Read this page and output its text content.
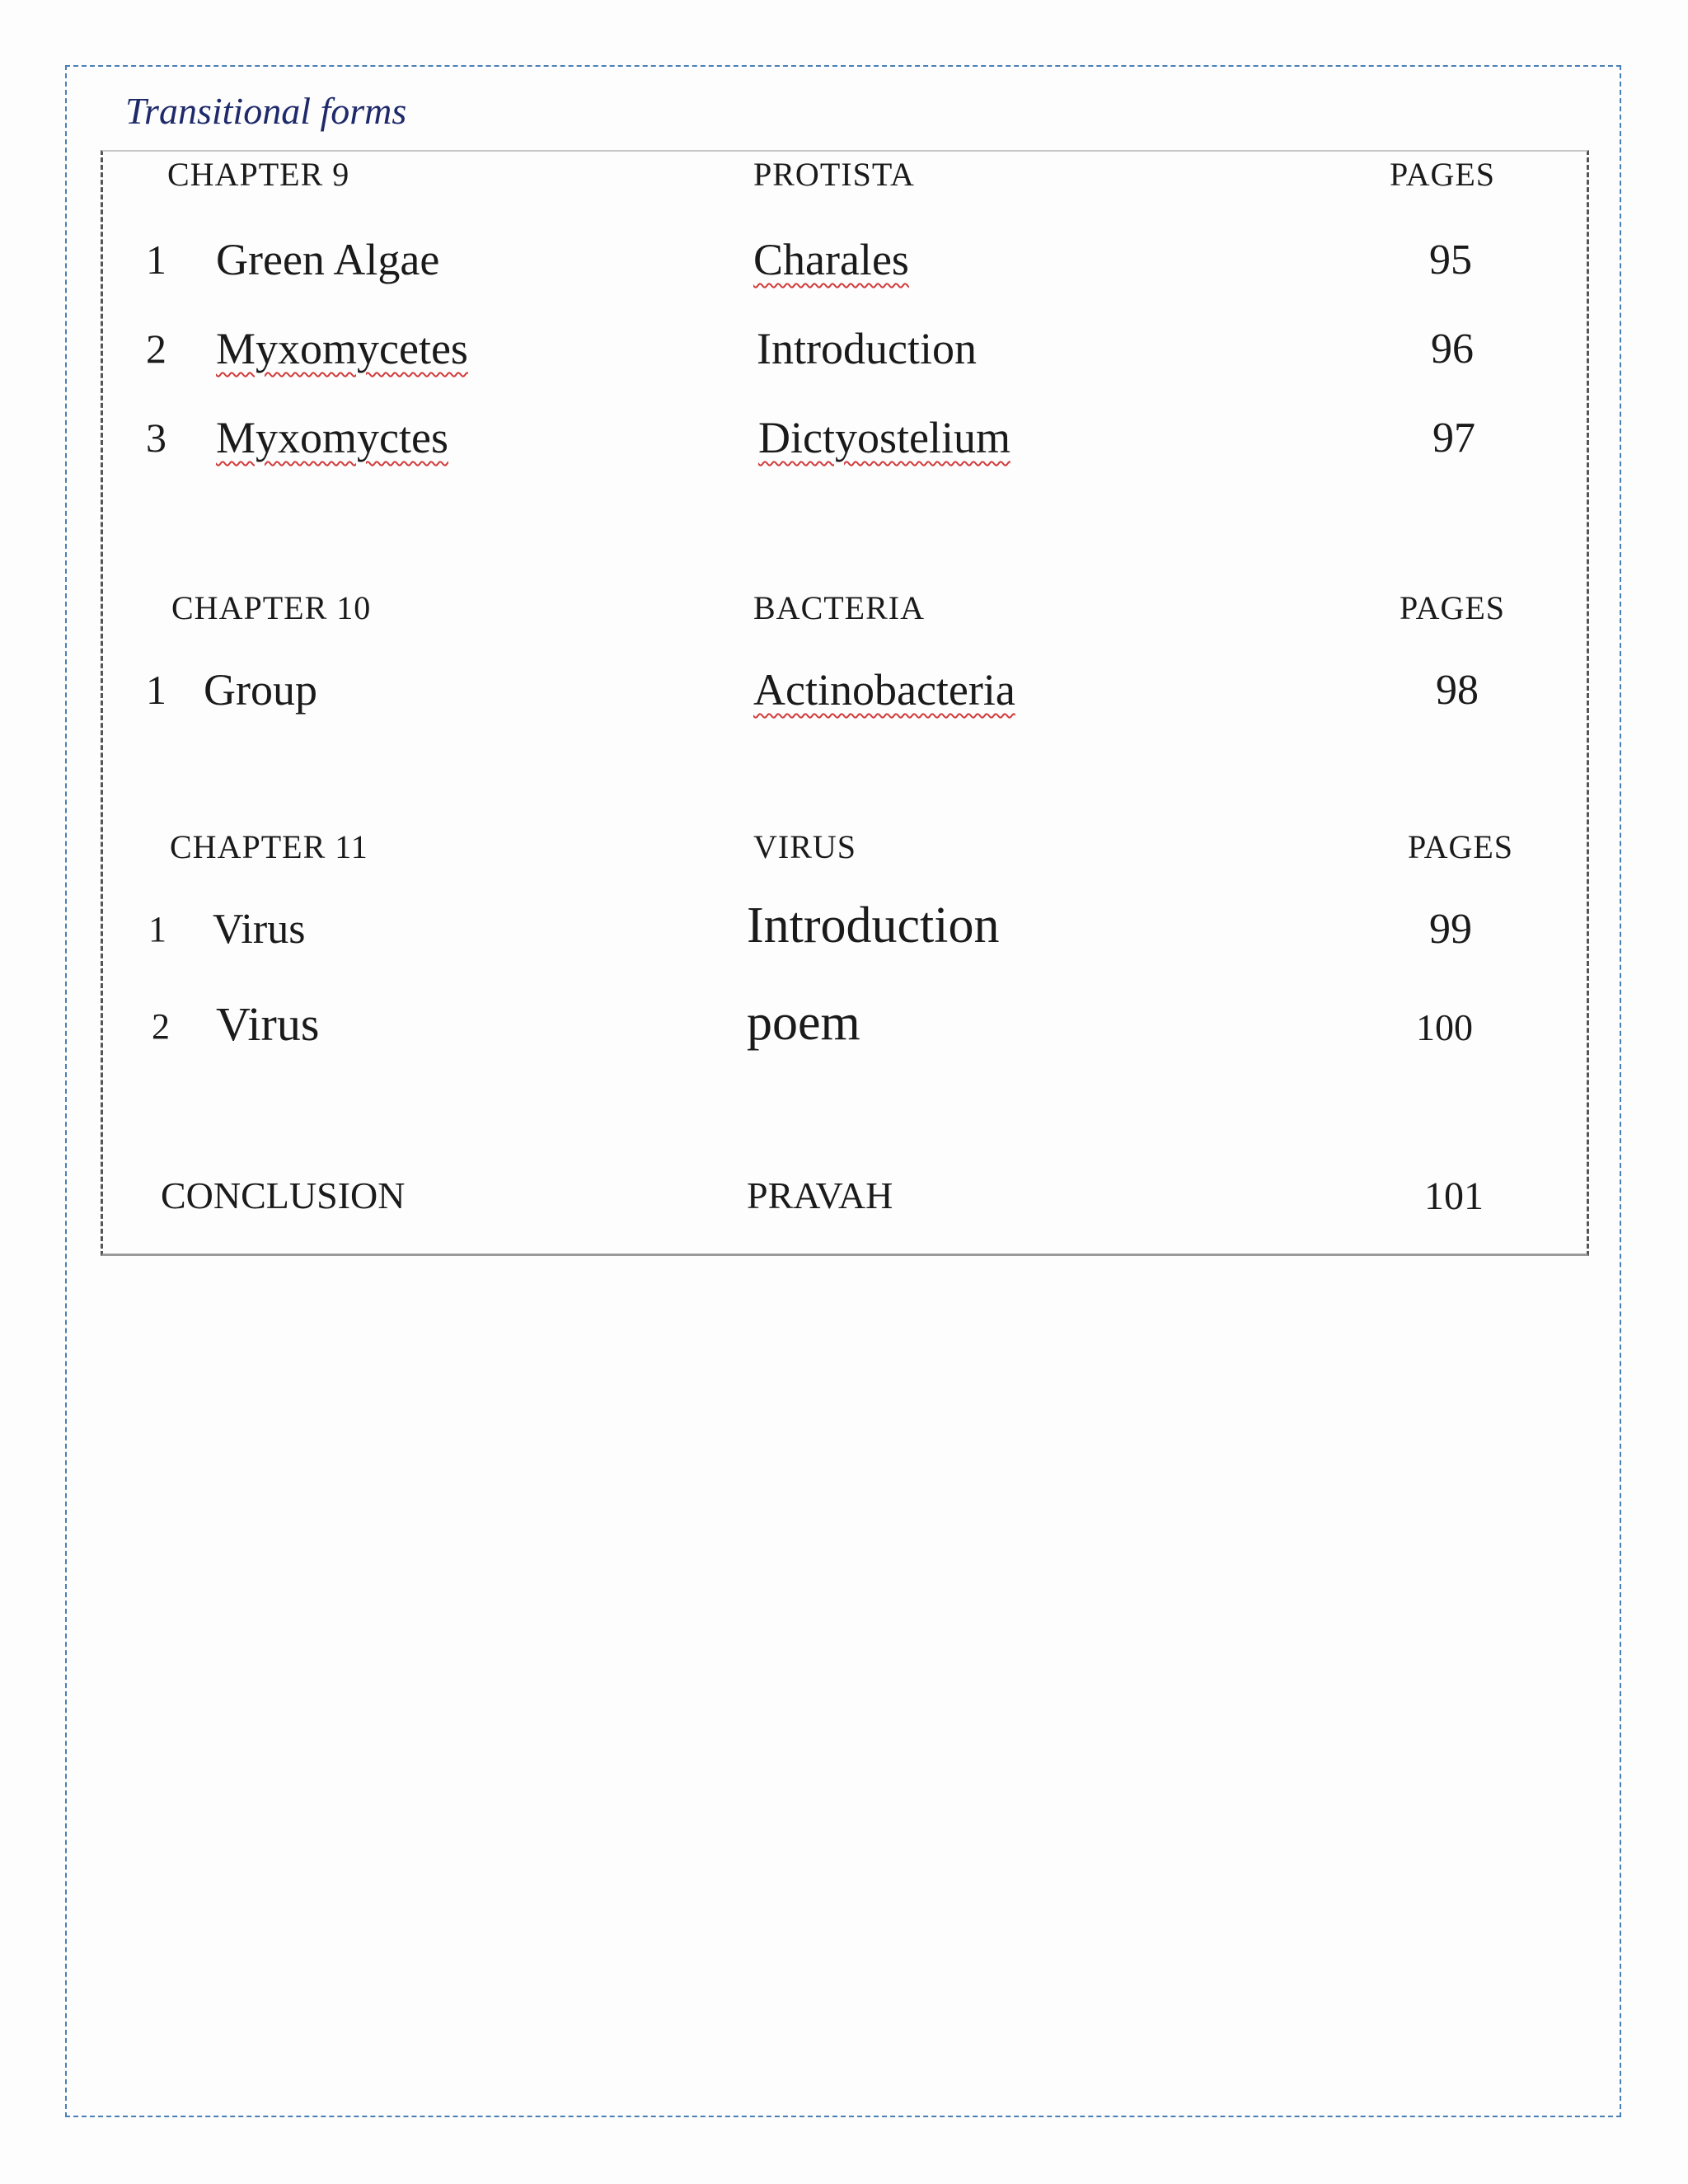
Transitional forms
CHAPTER 9	PROTISTA	PAGES
1 Green Algae	Charales	95
2 Myxomycetes	Introduction	96
3 Myxomyctes	Dictyostelium	97
CHAPTER 10	BACTERIA	PAGES
1 Group	Actinobacteria	98
CHAPTER 11	VIRUS	PAGES
1 Virus	Introduction	99
2 Virus	poem	100
CONCLUSION	PRAVAH	101
